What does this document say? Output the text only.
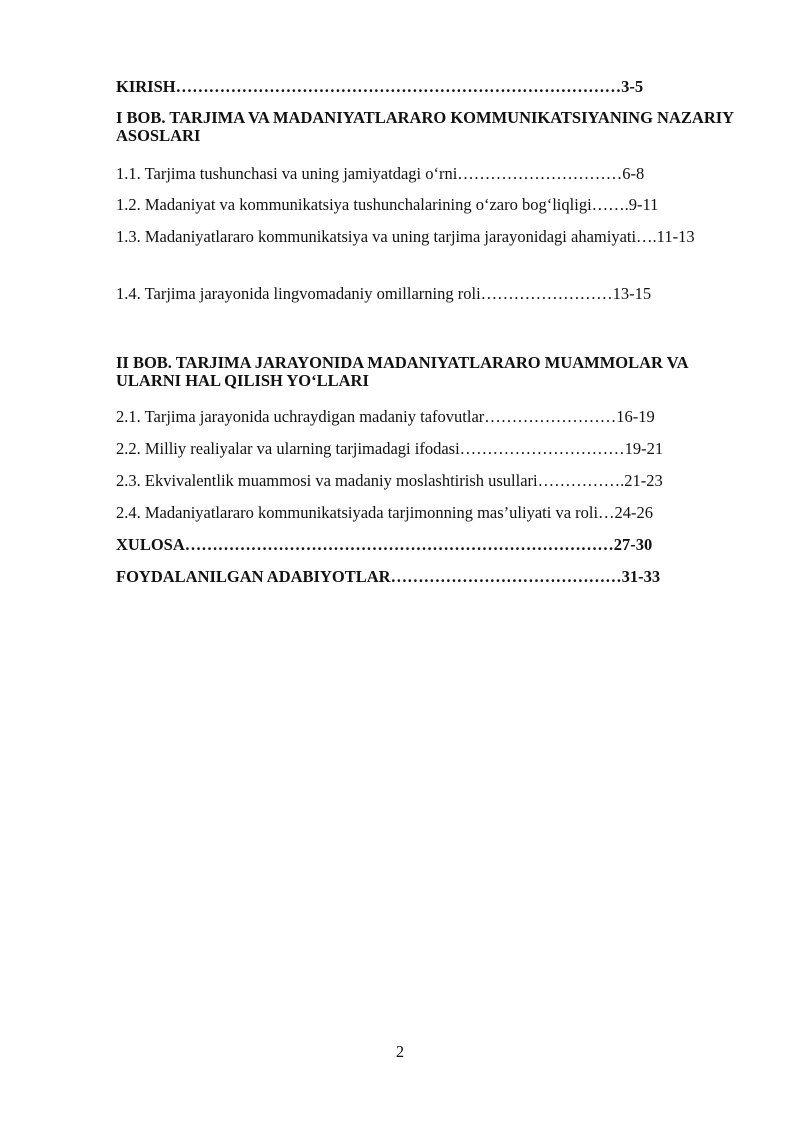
KIRISH………………………………………………………………………3-5
I BOB. TARJIMA VA MADANIYATLARARO KOMMUNIKATSIYANING NAZARIY ASOSLARI
1.1. Tarjima tushunchasi va uning jamiyatdagi o‘rni…………………………6-8
1.2. Madaniyat va kommunikatsiya tushunchalarining o‘zaro bog‘liqligi…….9-11
1.3. Madaniyatlararo kommunikatsiya va uning tarjima jarayonidagi ahamiyati….11-13
1.4. Tarjima jarayonida lingvomadaniy omillarning roli……………………13-15
II BOB. TARJIMA JARAYONIDA MADANIYATLARARO MUAMMOLAR VA ULARNI HAL QILISH YO‘LLARI
2.1. Tarjima jarayonida uchraydigan madaniy tafovutlar……………………16-19
2.2. Milliy realiyalar va ularning tarjimadagi ifodasi…………………………19-21
2.3. Ekvivalentlik muammosi va madaniy moslashtirish usullari…………….21-23
2.4. Madaniyatlararo kommunikatsiyada tarjimonning mas’uliyati va roli…24-26
XULOSA……………………………………………………………………27-30
FOYDALANILGAN ADABIYOTLAR……………………………………31-33
2
